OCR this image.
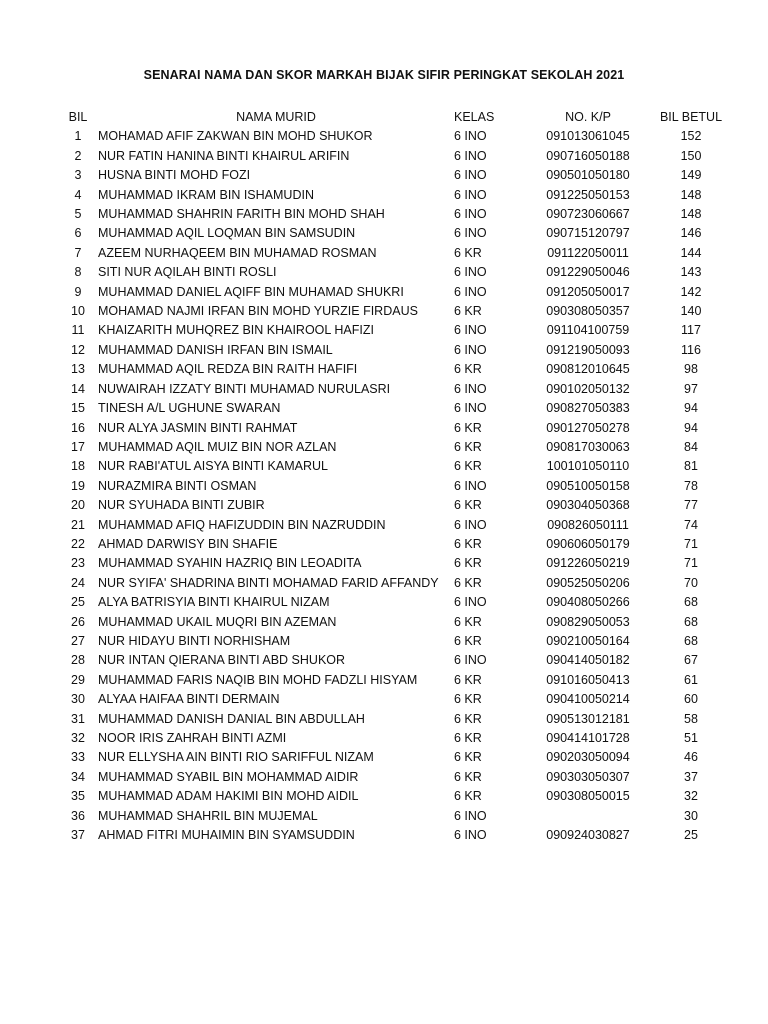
SENARAI NAMA DAN SKOR MARKAH BIJAK SIFIR PERINGKAT SEKOLAH 2021
BIL	NAMA MURID	KELAS	NO. K/P	BIL BETUL
1	MOHAMAD AFIF ZAKWAN BIN MOHD SHUKOR	6 INO	091013061045	152
2	NUR FATIN HANINA BINTI KHAIRUL ARIFIN	6 INO	090716050188	150
3	HUSNA BINTI MOHD FOZI	6 INO	090501050180	149
4	MUHAMMAD IKRAM BIN ISHAMUDIN	6 INO	091225050153	148
5	MUHAMMAD SHAHRIN FARITH BIN MOHD SHAH	6 INO	090723060667	148
6	MUHAMMAD AQIL LOQMAN BIN SAMSUDIN	6 INO	090715120797	146
7	AZEEM NURHAQEEM BIN MUHAMAD ROSMAN	6 KR	091122050011	144
8	SITI NUR AQILAH BINTI ROSLI	6 INO	091229050046	143
9	MUHAMMAD DANIEL AQIFF BIN MUHAMAD SHUKRI	6 INO	091205050017	142
10	MOHAMAD NAJMI IRFAN BIN MOHD YURZIE FIRDAUS	6 KR	090308050357	140
11	KHAIZARITH MUHQREZ BIN KHAIROOL HAFIZI	6 INO	091104100759	117
12	MUHAMMAD DANISH IRFAN BIN ISMAIL	6 INO	091219050093	116
13	MUHAMMAD AQIL REDZA BIN RAITH HAFIFI	6 KR	090812010645	98
14	NUWAIRAH IZZATY BINTI MUHAMAD NURULASRI	6 INO	090102050132	97
15	TINESH A/L UGHUNE SWARAN	6 INO	090827050383	94
16	NUR ALYA JASMIN BINTI RAHMAT	6 KR	090127050278	94
17	MUHAMMAD AQIL MUIZ BIN NOR AZLAN	6 KR	090817030063	84
18	NUR RABI'ATUL AISYA BINTI KAMARUL	6 KR	100101050110	81
19	NURAZMIRA BINTI OSMAN	6 INO	090510050158	78
20	NUR SYUHADA BINTI ZUBIR	6 KR	090304050368	77
21	MUHAMMAD AFIQ HAFIZUDDIN BIN NAZRUDDIN	6 INO	090826050111	74
22	AHMAD DARWISY BIN SHAFIE	6 KR	090606050179	71
23	MUHAMMAD SYAHIN HAZRIQ BIN LEOADITA	6 KR	091226050219	71
24	NUR SYIFA' SHADRINA BINTI MOHAMAD FARID AFFANDY	6 KR	090525050206	70
25	ALYA BATRISYIA BINTI KHAIRUL NIZAM	6 INO	090408050266	68
26	MUHAMMAD UKAIL MUQRI BIN AZEMAN	6 KR	090829050053	68
27	NUR HIDAYU BINTI NORHISHAM	6 KR	090210050164	68
28	NUR INTAN QIERANA BINTI ABD SHUKOR	6 INO	090414050182	67
29	MUHAMMAD FARIS NAQIB BIN MOHD FADZLI HISYAM	6 KR	091016050413	61
30	ALYAA HAIFAA BINTI DERMAIN	6 KR	090410050214	60
31	MUHAMMAD DANISH DANIAL BIN ABDULLAH	6 KR	090513012181	58
32	NOOR IRIS ZAHRAH BINTI AZMI	6 KR	090414101728	51
33	NUR ELLYSHA AIN BINTI RIO SARIFFUL NIZAM	6 KR	090203050094	46
34	MUHAMMAD SYABIL BIN MOHAMMAD AIDIR	6 KR	090303050307	37
35	MUHAMMAD ADAM HAKIMI BIN MOHD AIDIL	6 KR	090308050015	32
36	MUHAMMAD SHAHRIL BIN MUJEMAL	6 INO		30
37	AHMAD FITRI MUHAIMIN BIN SYAMSUDDIN	6 INO	090924030827	25
